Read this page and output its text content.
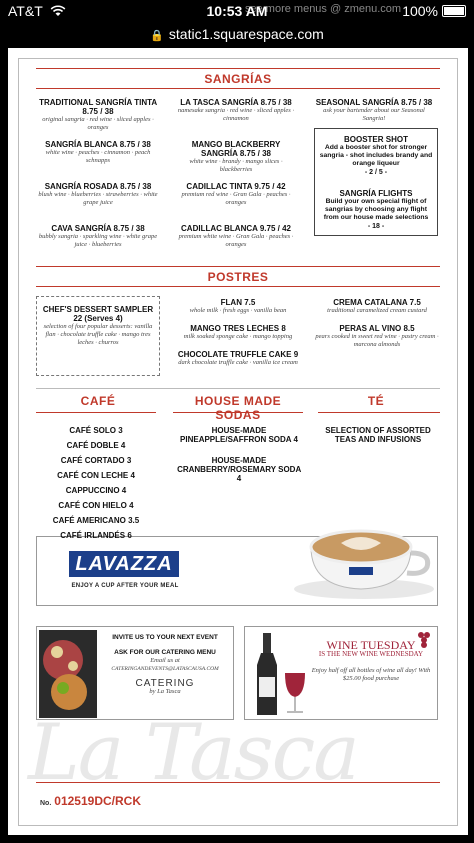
AT&T	see more menus @ zmenu.com
10:53 AM	100%
🔒 static1.squarespace.com
SANGRÍAS
SEASONAL SANGRÍA 8.75 / 38
ask your bartender about our Seasonal Sangria!
BOOSTER SHOT
Add a booster shot for stronger sangria - shot includes brandy and orange liqueur
- 2 / 5 -
SANGRÍA FLIGHTS
Build your own special flight of sangrias by choosing any flight from our house made selections
- 18 -
POSTRES
CHEF'S DESSERT SAMPLER
22 (Serves 4)
selection of four popular desserts: vanilla flan · chocolate truffle cake · mango tres leches · churros
CAFÉ	HOUSE MADE SODAS
TÉ
SELECTION OF ASSORTED TEAS AND INFUSIONS
LAVAZZA
ENJOY A CUP AFTER YOUR MEAL
INVITE US TO YOUR NEXT EVENT
ASK FOR OUR CATERING MENU
Email us at
CATERINGANDEVENTS@LATASCAUSA.COM
CATERING
by La Tasca
WINE TUESDAY
IS THE NEW WINE WEDNESDAY
Enjoy half off all bottles of wine all day! With $25.00 food purchase
La Tasca
No. 012519DC/RCK
TRADITIONAL SANGRÍA TINTA 8.75 / 38
original sangria · red wine · sliced apples · oranges
SANGRÍA BLANCA 8.75 / 38
white wine · peaches · cinnamon · peach schnapps
SANGRÍA ROSADA 8.75 / 38
blush wine · blueberries · strawberries · white grape juice
CAVA SANGRÍA 8.75 / 38
bubbly sangria · sparkling wine · white grape juice · blueberries
LA TASCA SANGRÍA 8.75 / 38
namesake sangria · red wine · sliced apples · cinnamon
MANGO BLACKBERRY SANGRÍA 8.75 / 38
white wine · brandy · mango slices · blackberries
CADILLAC TINTA 9.75 / 42
premium red wine · Gran Gala · peaches · oranges
CADILLAC BLANCA 9.75 / 42
premium white wine · Gran Gala · peaches · oranges
FLAN 7.5
whole milk · fresh eggs · vanilla bean
MANGO TRES LECHES 8
milk soaked sponge cake · mango topping
CHOCOLATE TRUFFLE CAKE 9
dark chocolate truffle cake · vanilla ice cream
CREMA CATALANA 7.5
traditional caramelized cream custard
PERAS AL VINO 8.5
pears cooked in sweet red wine · pastry cream · marcona almonds
CAFÉ SOLO 3
CAFÉ DOBLE 4
CAFÉ CORTADO 3
CAFÉ CON LECHE 4
CAPPUCCINO 4
CAFÉ CON HIELO 4
CAFÉ AMERICANO 3.5
CAFÉ IRLANDÉS 6
HOUSE-MADE PINEAPPLE/SAFFRON SODA 4
HOUSE-MADE CRANBERRY/ROSEMARY SODA 4
